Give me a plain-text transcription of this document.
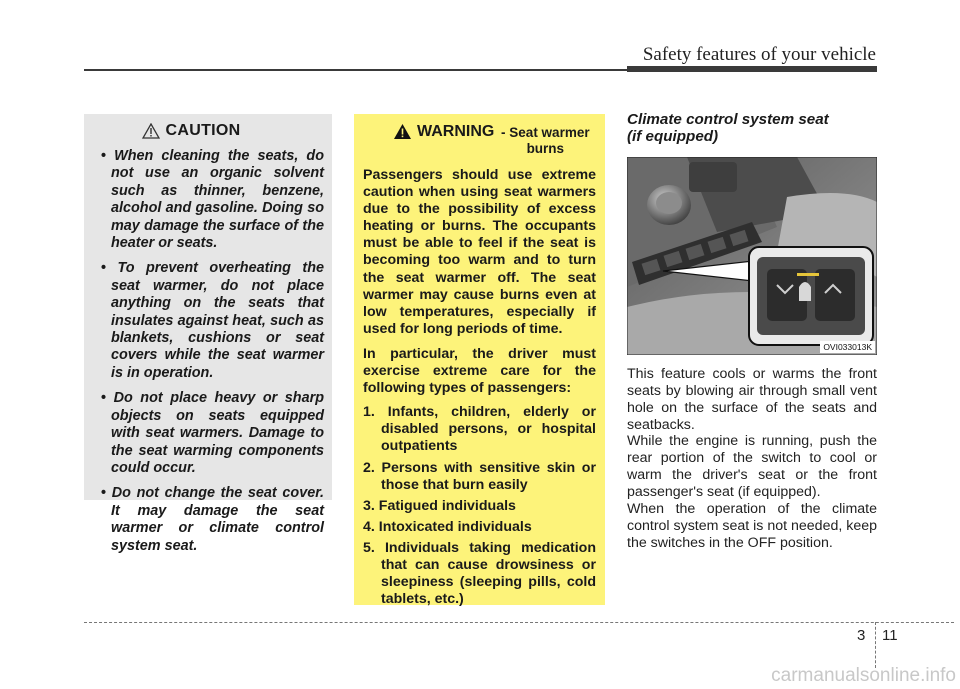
Safety features of your vehicle
CAUTION
• When cleaning the seats, do not use an organic solvent such as thinner, benzene, alcohol and gasoline. Doing so may damage the surface of the heater or seats.
• To prevent overheating the seat warmer, do not place anything on the seats that insulates against heat, such as blankets, cushions or seat covers while the seat warmer is in operation.
• Do not place heavy or sharp objects on seats equipped with seat warmers. Damage to the seat warming components could occur.
• Do not change the seat cover. It may damage the seat warmer or climate control system seat.
WARNING - Seat warmer burns
Passengers should use extreme caution when using seat warmers due to the possibility of excess heating or burns. The occupants must be able to feel if the seat is becoming too warm and to turn the seat warmer off. The seat warmer may cause burns even at low temperatures, especially if used for long periods of time.
In particular, the driver must exercise extreme care for the following types of passengers:
1. Infants, children, elderly or disabled persons, or hospital outpatients
2. Persons with sensitive skin or those that burn easily
3. Fatigued individuals
4. Intoxicated individuals
5. Individuals taking medication that can cause drowsiness or sleepiness (sleeping pills, cold tablets, etc.)
Climate control system seat
(if equipped)
OVI033013K
This feature cools or warms the front seats by blowing air through small vent hole on the surface of the seats and seatbacks.
While the engine is running, push the rear portion of the switch to cool or warm the driver's seat or the front passenger's seat (if equipped).
When the operation of the climate control system seat is not needed, keep the switches in the OFF position.
3 11
carmanualsonline.info
